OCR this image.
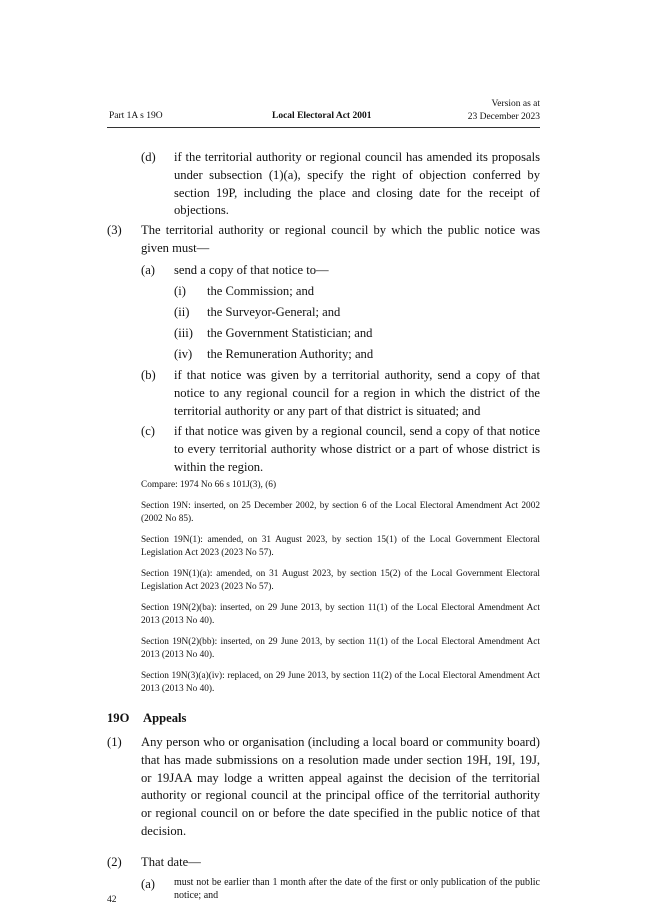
Part 1A s 19O	Local Electoral Act 2001
Version as at
23 December 2023
(d) if the territorial authority or regional council has amended its proposals under subsection (1)(a), specify the right of objection conferred by section 19P, including the place and closing date for the receipt of objections.
(3) The territorial authority or regional council by which the public notice was given must—
(a) send a copy of that notice to—
(i) the Commission; and
(ii) the Surveyor-General; and
(iii) the Government Statistician; and
(iv) the Remuneration Authority; and
(b) if that notice was given by a territorial authority, send a copy of that notice to any regional council for a region in which the district of the territorial authority or any part of that district is situated; and
(c) if that notice was given by a regional council, send a copy of that notice to every territorial authority whose district or a part of whose district is within the region.
Compare: 1974 No 66 s 101J(3), (6)
Section 19N: inserted, on 25 December 2002, by section 6 of the Local Electoral Amendment Act 2002 (2002 No 85).
Section 19N(1): amended, on 31 August 2023, by section 15(1) of the Local Government Electoral Legislation Act 2023 (2023 No 57).
Section 19N(1)(a): amended, on 31 August 2023, by section 15(2) of the Local Government Electoral Legislation Act 2023 (2023 No 57).
Section 19N(2)(ba): inserted, on 29 June 2013, by section 11(1) of the Local Electoral Amendment Act 2013 (2013 No 40).
Section 19N(2)(bb): inserted, on 29 June 2013, by section 11(1) of the Local Electoral Amendment Act 2013 (2013 No 40).
Section 19N(3)(a)(iv): replaced, on 29 June 2013, by section 11(2) of the Local Electoral Amendment Act 2013 (2013 No 40).
19O Appeals
(1) Any person who or organisation (including a local board or community board) that has made submissions on a resolution made under section 19H, 19I, 19J, or 19JAA may lodge a written appeal against the decision of the territorial authority or regional council at the principal office of the territorial authority or regional council on or before the date specified in the public notice of that decision.
(2) That date—
(a) must not be earlier than 1 month after the date of the first or only publication of the public notice; and
42
